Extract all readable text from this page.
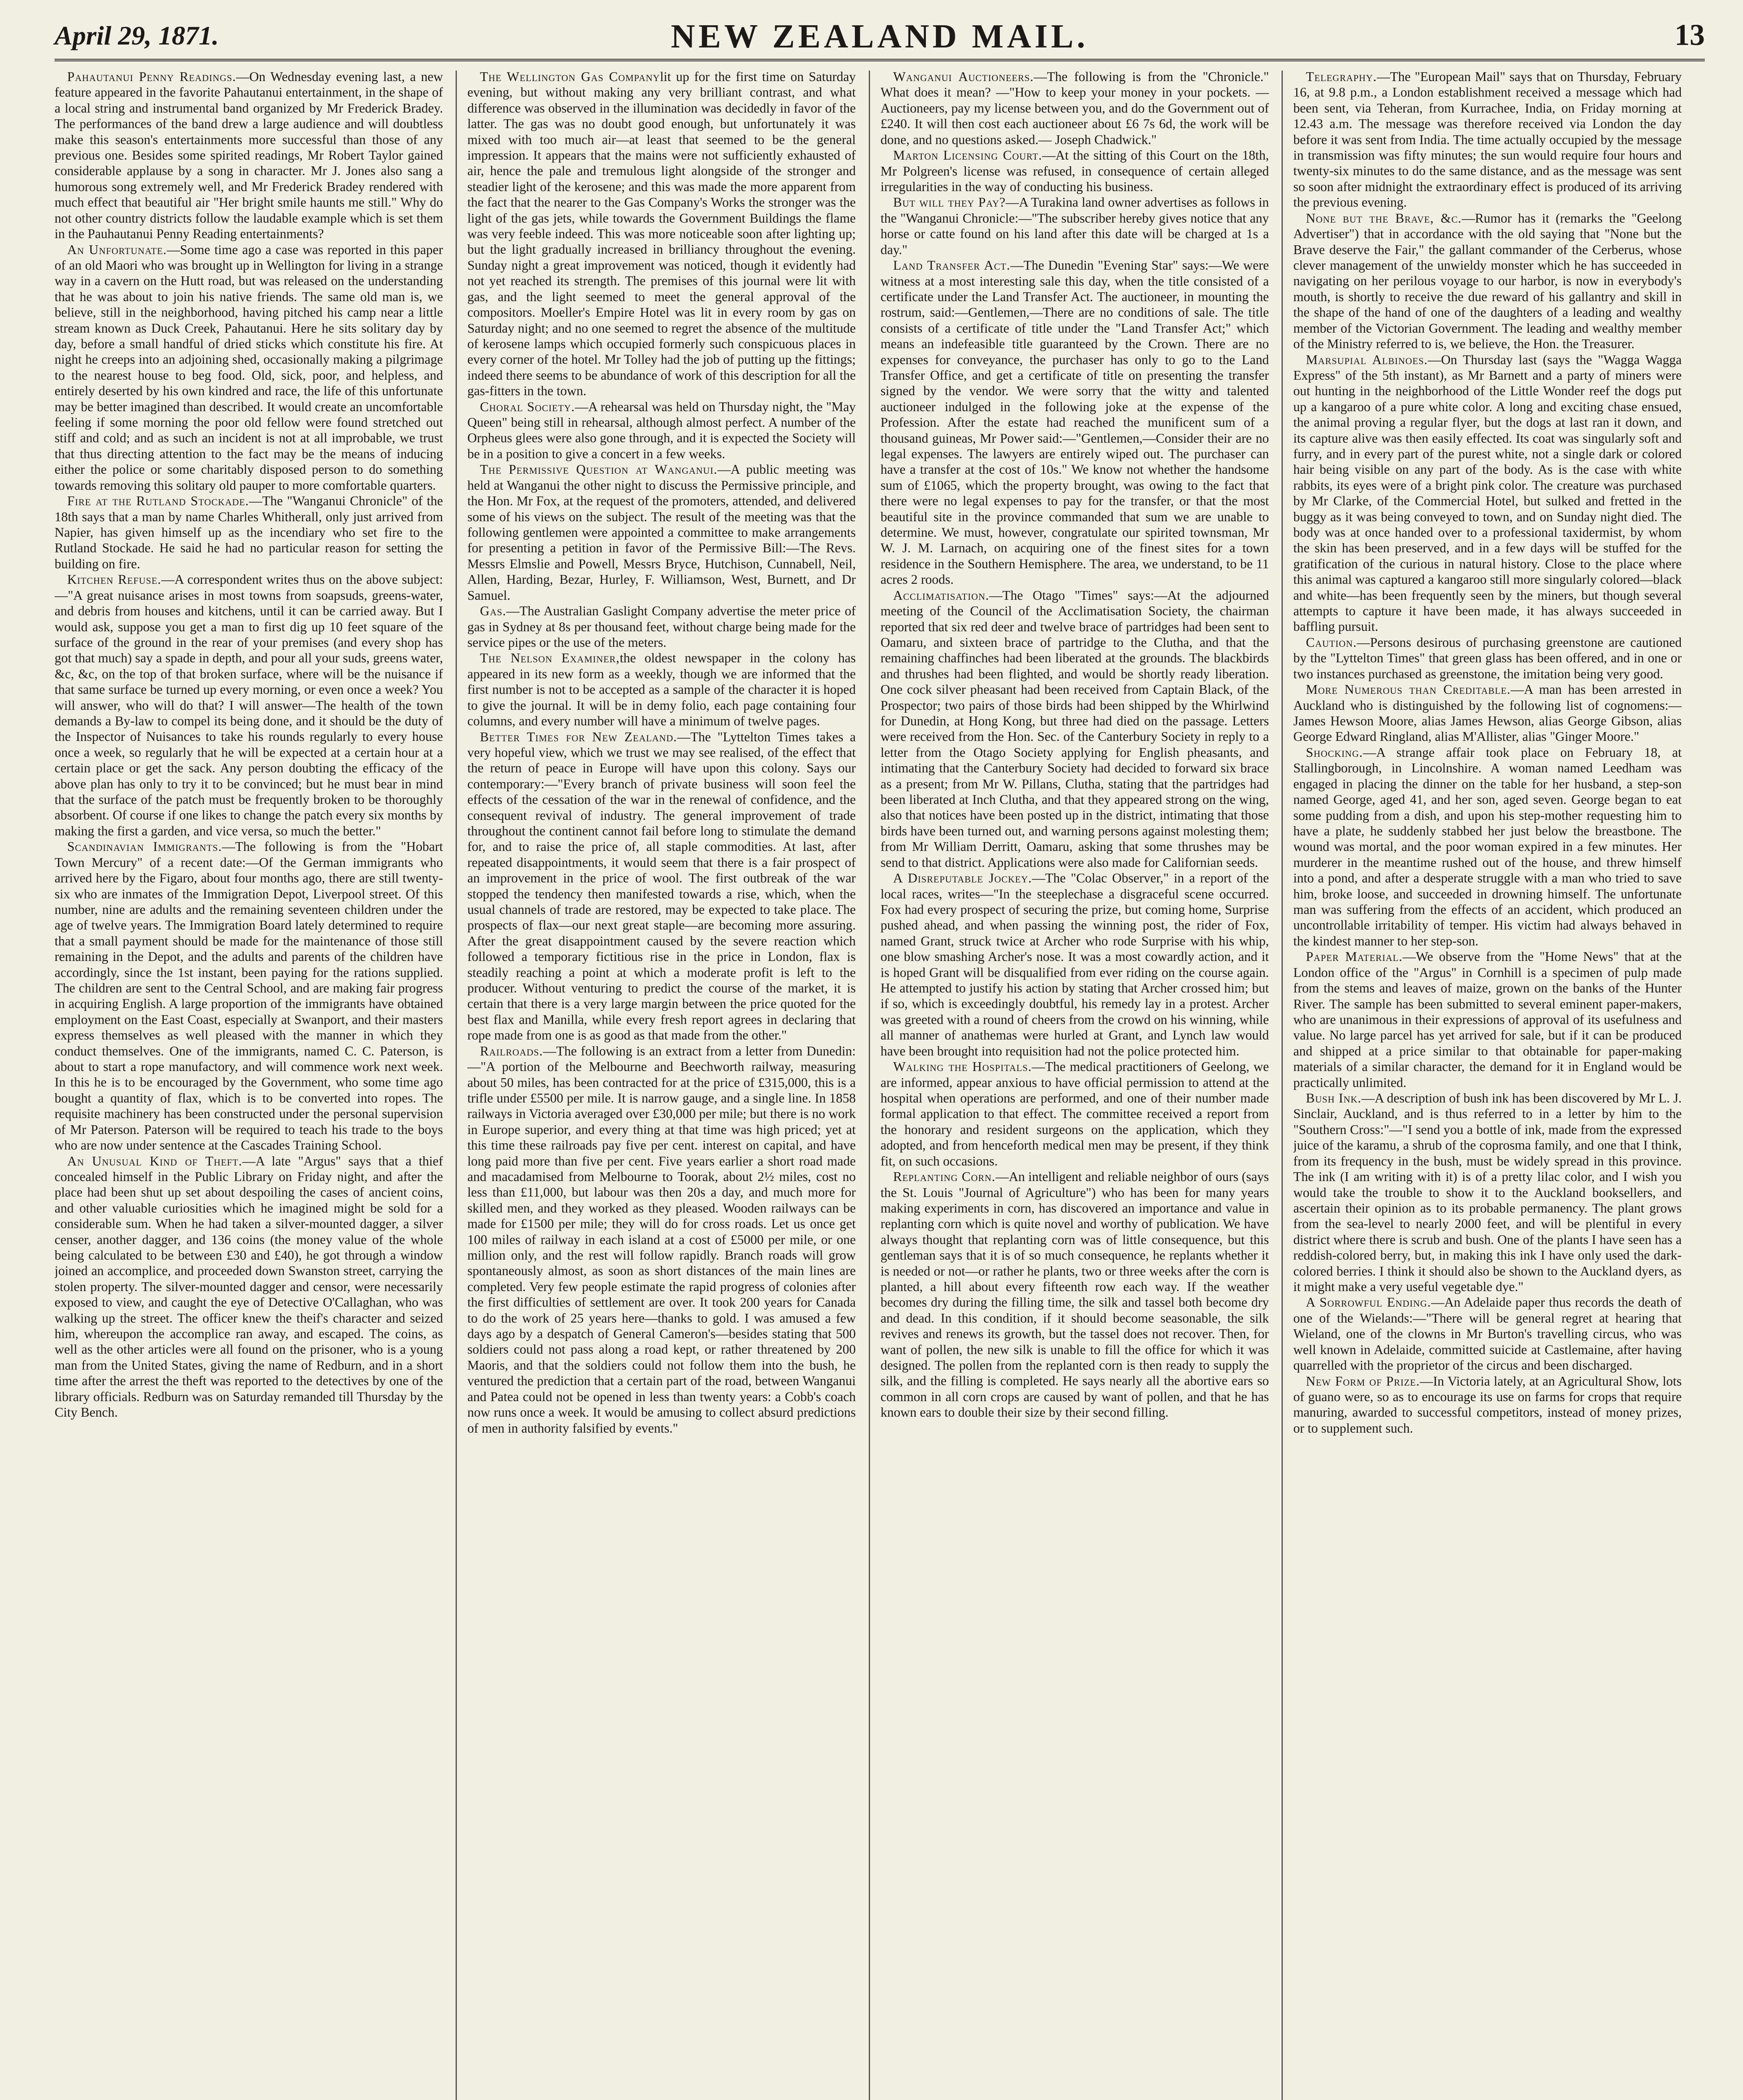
April 29, 1871.	NEW ZEALAND MAIL.	13

Pahautanui Penny Readings.—On Wednesday evening last, a new feature appeared in the favorite Pahautanui entertainment, in the shape of a local string and instrumental band organized by Mr Frederick Bradey. The performances of the band drew a large audience and will doubtless make this season's entertainments more successful than those of any previous one. Besides some spirited readings, Mr Robert Taylor gained considerable applause by a song in character. Mr J. Jones also sang a humorous song extremely well, and Mr Frederick Bradey rendered with much effect that beautiful air "Her bright smile haunts me still." Why do not other country districts follow the laudable example which is set them in the Pauhautanui Penny Reading entertainments?

An Unfortunate.—Some time ago a case was reported in this paper of an old Maori who was brought up in Wellington for living in a strange way in a cavern on the Hutt road, but was released on the understanding that he was about to join his native friends. The same old man is, we believe, still in the neighborhood, having pitched his camp near a little stream known as Duck Creek, Pahautanui. Here he sits solitary day by day, before a small handful of dried sticks which constitute his fire. At night he creeps into an adjoining shed, occasionally making a pilgrimage to the nearest house to beg food. Old, sick, poor, and helpless, and entirely deserted by his own kindred and race, the life of this unfortunate may be better imagined than described. It would create an uncomfortable feeling if some morning the poor old fellow were found stretched out stiff and cold; and as such an incident is not at all improbable, we trust that thus directing attention to the fact may be the means of inducing either the police or some charitably disposed person to do something towards removing this solitary old pauper to more comfortable quarters.

Fire at the Rutland Stockade.—The "Wanganui Chronicle" of the 18th says that a man by name Charles Whitherall, only just arrived from Napier, has given himself up as the incendiary who set fire to the Rutland Stockade. He said he had no particular reason for setting the building on fire.

Kitchen Refuse.—A correspondent writes thus on the above subject:—"A great nuisance arises in most towns from soapsuds, greens-water, and debris from houses and kitchens, until it can be carried away. But I would ask, suppose you get a man to first dig up 10 feet square of the surface of the ground in the rear of your premises (and every shop has got that much) say a spade in depth, and pour all your suds, greens water, &c, &c, on the top of that broken surface, where will be the nuisance if that same surface be turned up every morning, or even once a week? You will answer, who will do that? I will answer—The health of the town demands a By-law to compel its being done, and it should be the duty of the Inspector of Nuisances to take his rounds regularly to every house once a week, so regularly that he will be expected at a certain hour at a certain place or get the sack. Any person doubting the efficacy of the above plan has only to try it to be convinced; but he must bear in mind that the surface of the patch must be frequently broken to be thoroughly absorbent. Of course if one likes to change the patch every six months by making the first a garden, and vice versa, so much the better."

Scandinavian Immigrants.—The following is from the "Hobart Town Mercury" of a recent date:—Of the German immigrants who arrived here by the Figaro, about four months ago, there are still twenty-six who are inmates of the Immigration Depot, Liverpool street. Of this number, nine are adults and the remaining seventeen children under the age of twelve years. The Immigration Board lately determined to require that a small payment should be made for the maintenance of those still remaining in the Depot, and the adults and parents of the children have accordingly, since the 1st instant, been paying for the rations supplied. The children are sent to the Central School, and are making fair progress in acquiring English. A large proportion of the immigrants have obtained employment on the East Coast, especially at Swanport, and their masters express themselves as well pleased with the manner in which they conduct themselves. One of the immigrants, named C. C. Paterson, is about to start a rope manufactory, and will commence work next week. In this he is to be encouraged by the Government, who some time ago bought a quantity of flax, which is to be converted into ropes. The requisite machinery has been constructed under the personal supervision of Mr Paterson. Paterson will be required to teach his trade to the boys who are now under sentence at the Cascades Training School.

An Unusual Kind of Theft.—A late "Argus" says that a thief concealed himself in the Public Library on Friday night, and after the place had been shut up set about despoiling the cases of ancient coins, and other valuable curiosities which he imagined might be sold for a considerable sum. When he had taken a silver-mounted dagger, a silver censer, another dagger, and 136 coins (the money value of the whole being calculated to be between £30 and £40), he got through a window joined an accomplice, and proceeded down Swanston street, carrying the stolen property. The silver-mounted dagger and censor, were necessarily exposed to view, and caught the eye of Detective O'Callaghan, who was walking up the street. The officer knew the theif's character and seized him, whereupon the accomplice ran away, and escaped. The coins, as well as the other articles were all found on the prisoner, who is a young man from the United States, giving the name of Redburn, and in a short time after the arrest the theft was reported to the detectives by one of the library officials. Redburn was on Saturday remanded till Thursday by the City Bench.

The Wellington Gas Companylit up for the first time on Saturday evening, but without making any very brilliant contrast, and what difference was observed in the illumination was decidedly in favor of the latter. The gas was no doubt good enough, but unfortunately it was mixed with too much air—at least that seemed to be the general impression. It appears that the mains were not sufficiently exhausted of air, hence the pale and tremulous light alongside of the stronger and steadier light of the kerosene; and this was made the more apparent from the fact that the nearer to the Gas Company's Works the stronger was the light of the gas jets, while towards the Government Buildings the flame was very feeble indeed. This was more noticeable soon after lighting up; but the light gradually increased in brilliancy throughout the evening. Sunday night a great improvement was noticed, though it evidently had not yet reached its strength. The premises of this journal were lit with gas, and the light seemed to meet the general approval of the compositors. Moeller's Empire Hotel was lit in every room by gas on Saturday night; and no one seemed to regret the absence of the multitude of kerosene lamps which occupied formerly such conspicuous places in every corner of the hotel. Mr Tolley had the job of putting up the fittings; indeed there seems to be abundance of work of this description for all the gas-fitters in the town.

Choral Society.—A rehearsal was held on Thursday night, the "May Queen" being still in rehearsal, although almost perfect. A number of the Orpheus glees were also gone through, and it is expected the Society will be in a position to give a concert in a few weeks.

The Permissive Question at Wanganui.—A public meeting was held at Wanganui the other night to discuss the Permissive principle, and the Hon. Mr Fox, at the request of the promoters, attended, and delivered some of his views on the subject. The result of the meeting was that the following gentlemen were appointed a committee to make arrangements for presenting a petition in favor of the Permissive Bill:—The Revs. Messrs Elmslie and Powell, Messrs Bryce, Hutchison, Cunnabell, Neil, Allen, Harding, Bezar, Hurley, F. Williamson, West, Burnett, and Dr Samuel.

Gas.—The Australian Gaslight Company advertise the meter price of gas in Sydney at 8s per thousand feet, without charge being made for the service pipes or the use of the meters.

The Nelson Examiner,the oldest newspaper in the colony has appeared in its new form as a weekly, though we are informed that the first number is not to be accepted as a sample of the character it is hoped to give the journal. It will be in demy folio, each page containing four columns, and every number will have a minimum of twelve pages.

Better Times for New Zealand.—The "Lyttelton Times takes a very hopeful view, which we trust we may see realised, of the effect that the return of peace in Europe will have upon this colony. Says our contemporary:—"Every branch of private business will soon feel the effects of the cessation of the war in the renewal of confidence, and the consequent revival of industry. The general improvement of trade throughout the continent cannot fail before long to stimulate the demand for, and to raise the price of, all staple commodities. At last, after repeated disappointments, it would seem that there is a fair prospect of an improvement in the price of wool. The first outbreak of the war stopped the tendency then manifested towards a rise, which, when the usual channels of trade are restored, may be expected to take place. The prospects of flax—our next great staple—are becoming more assuring. After the great disappointment caused by the severe reaction which followed a temporary fictitious rise in the price in London, flax is steadily reaching a point at which a moderate profit is left to the producer. Without venturing to predict the course of the market, it is certain that there is a very large margin between the price quoted for the best flax and Manilla, while every fresh report agrees in declaring that rope made from one is as good as that made from the other."

Railroads.—The following is an extract from a letter from Dunedin:—"A portion of the Melbourne and Beechworth railway, measuring about 50 miles, has been contracted for at the price of £315,000, this is a trifle under £5500 per mile. It is narrow gauge, and a single line. In 1858 railways in Victoria averaged over £30,000 per mile; but there is no work in Europe superior, and every thing at that time was high priced; yet at this time these railroads pay five per cent. interest on capital, and have long paid more than five per cent. Five years earlier a short road made and macadamised from Melbourne to Toorak, about 2½ miles, cost no less than £11,000, but labour was then 20s a day, and much more for skilled men, and they worked as they pleased. Wooden railways can be made for £1500 per mile; they will do for cross roads. Let us once get 100 miles of railway in each island at a cost of £5000 per mile, or one million only, and the rest will follow rapidly. Branch roads will grow spontaneously almost, as soon as short distances of the main lines are completed. Very few people estimate the rapid progress of colonies after the first difficulties of settlement are over. It took 200 years for Canada to do the work of 25 years here—thanks to gold. I was amused a few days ago by a despatch of General Cameron's—besides stating that 500 soldiers could not pass along a road kept, or rather threatened by 200 Maoris, and that the soldiers could not follow them into the bush, he ventured the prediction that a certain part of the road, between Wanganui and Patea could not be opened in less than twenty years: a Cobb's coach now runs once a week. It would be amusing to collect absurd predictions of men in authority falsified by events."

Wanganui Auctioneers.—The following is from the "Chronicle." What does it mean? —"How to keep your money in your pockets. —Auctioneers, pay my license between you, and do the Government out of £240. It will then cost each auctioneer about £6 7s 6d, the work will be done, and no questions asked.— Joseph Chadwick."

Marton Licensing Court.—At the sitting of this Court on the 18th, Mr Polgreen's license was refused, in consequence of certain alleged irregularities in the way of conducting his business.

But will they Pay?—A Turakina land owner advertises as follows in the "Wanganui Chronicle:—"The subscriber hereby gives notice that any horse or catte found on his land after this date will be charged at 1s a day."

Land Transfer Act.—The Dunedin "Evening Star" says:—We were witness at a most interesting sale this day, when the title consisted of a certificate under the Land Transfer Act. The auctioneer, in mounting the rostrum, said:—Gentlemen,—There are no conditions of sale. The title consists of a certificate of title under the "Land Transfer Act;" which means an indefeasible title guaranteed by the Crown. There are no expenses for conveyance, the purchaser has only to go to the Land Transfer Office, and get a certificate of title on presenting the transfer signed by the vendor. We were sorry that the witty and talented auctioneer indulged in the following joke at the expense of the Profession. After the estate had reached the munificent sum of a thousand guineas, Mr Power said:—"Gentlemen,—Consider their are no legal expenses. The lawyers are entirely wiped out. The purchaser can have a transfer at the cost of 10s." We know not whether the handsome sum of £1065, which the property brought, was owing to the fact that there were no legal expenses to pay for the transfer, or that the most beautiful site in the province commanded that sum we are unable to determine. We must, however, congratulate our spirited townsman, Mr W. J. M. Larnach, on acquiring one of the finest sites for a town residence in the Southern Hemisphere. The area, we understand, to be 11 acres 2 roods.

Acclimatisation.—The Otago "Times" says:—At the adjourned meeting of the Council of the Acclimatisation Society, the chairman reported that six red deer and twelve brace of partridges had been sent to Oamaru, and sixteen brace of partridge to the Clutha, and that the remaining chaffinches had been liberated at the grounds. The blackbirds and thrushes had been flighted, and would be shortly ready liberation. One cock silver pheasant had been received from Captain Black, of the Prospector; two pairs of those birds had been shipped by the Whirlwind for Dunedin, at Hong Kong, but three had died on the passage. Letters were received from the Hon. Sec. of the Canterbury Society in reply to a letter from the Otago Society applying for English pheasants, and intimating that the Canterbury Society had decided to forward six brace as a present; from Mr W. Pillans, Clutha, stating that the partridges had been liberated at Inch Clutha, and that they appeared strong on the wing, also that notices have been posted up in the district, intimating that those birds have been turned out, and warning persons against molesting them; from Mr William Derritt, Oamaru, asking that some thrushes may be send to that district. Applications were also made for Californian seeds.

A Disreputable Jockey.—The "Colac Observer," in a report of the local races, writes—"In the steeplechase a disgraceful scene occurred. Fox had every prospect of securing the prize, but coming home, Surprise pushed ahead, and when passing the winning post, the rider of Fox, named Grant, struck twice at Archer who rode Surprise with his whip, one blow smashing Archer's nose. It was a most cowardly action, and it is hoped Grant will be disqualified from ever riding on the course again. He attempted to justify his action by stating that Archer crossed him; but if so, which is exceedingly doubtful, his remedy lay in a protest. Archer was greeted with a round of cheers from the crowd on his winning, while all manner of anathemas were hurled at Grant, and Lynch law would have been brought into requisition had not the police protected him.

Walking the Hospitals.—The medical practitioners of Geelong, we are informed, appear anxious to have official permission to attend at the hospital when operations are performed, and one of their number made formal application to that effect. The committee received a report from the honorary and resident surgeons on the application, which they adopted, and from henceforth medical men may be present, if they think fit, on such occasions.

Replanting Corn.—An intelligent and reliable neighbor of ours (says the St. Louis "Journal of Agriculture") who has been for many years making experiments in corn, has discovered an importance and value in replanting corn which is quite novel and worthy of publication. We have always thought that replanting corn was of little consequence, but this gentleman says that it is of so much consequence, he replants whether it is needed or not—or rather he plants, two or three weeks after the corn is planted, a hill about every fifteenth row each way. If the weather becomes dry during the filling time, the silk and tassel both become dry and dead. In this condition, if it should become seasonable, the silk revives and renews its growth, but the tassel does not recover. Then, for want of pollen, the new silk is unable to fill the office for which it was designed. The pollen from the replanted corn is then ready to supply the silk, and the filling is completed. He says nearly all the abortive ears so common in all corn crops are caused by want of pollen, and that he has known ears to double their size by their second filling.

Telegraphy.—The "European Mail" says that on Thursday, February 16, at 9.8 p.m., a London establishment received a message which had been sent, via Teheran, from Kurrachee, India, on Friday morning at 12.43 a.m. The message was therefore received via London the day before it was sent from India. The time actually occupied by the message in transmission was fifty minutes; the sun would require four hours and twenty-six minutes to do the same distance, and as the message was sent so soon after midnight the extraordinary effect is produced of its arriving the previous evening.

None but the Brave, &c.—Rumor has it (remarks the "Geelong Advertiser") that in accordance with the old saying that "None but the Brave deserve the Fair," the gallant commander of the Cerberus, whose clever management of the unwieldy monster which he has succeeded in navigating on her perilous voyage to our harbor, is now in everybody's mouth, is shortly to receive the due reward of his gallantry and skill in the shape of the hand of one of the daughters of a leading and wealthy member of the Victorian Government. The leading and wealthy member of the Ministry referred to is, we believe, the Hon. the Treasurer.

Marsupial Albinoes.—On Thursday last (says the "Wagga Wagga Express" of the 5th instant), as Mr Barnett and a party of miners were out hunting in the neighborhood of the Little Wonder reef the dogs put up a kangaroo of a pure white color. A long and exciting chase ensued, the animal proving a regular flyer, but the dogs at last ran it down, and its capture alive was then easily effected. Its coat was singularly soft and furry, and in every part of the purest white, not a single dark or colored hair being visible on any part of the body. As is the case with white rabbits, its eyes were of a bright pink color. The creature was purchased by Mr Clarke, of the Commercial Hotel, but sulked and fretted in the buggy as it was being conveyed to town, and on Sunday night died. The body was at once handed over to a professional taxidermist, by whom the skin has been preserved, and in a few days will be stuffed for the gratification of the curious in natural history. Close to the place where this animal was captured a kangaroo still more singularly colored—black and white—has been frequently seen by the miners, but though several attempts to capture it have been made, it has always succeeded in baffling pursuit.

Caution.—Persons desirous of purchasing greenstone are cautioned by the "Lyttelton Times" that green glass has been offered, and in one or two instances purchased as greenstone, the imitation being very good.

More Numerous than Creditable.—A man has been arrested in Auckland who is distinguished by the following list of cognomens:—James Hewson Moore, alias James Hewson, alias George Gibson, alias George Edward Ringland, alias M'Allister, alias "Ginger Moore."

Shocking.—A strange affair took place on February 18, at Stallingborough, in Lincolnshire. A woman named Leedham was engaged in placing the dinner on the table for her husband, a step-son named George, aged 41, and her son, aged seven. George began to eat some pudding from a dish, and upon his step-mother requesting him to have a plate, he suddenly stabbed her just below the breastbone. The wound was mortal, and the poor woman expired in a few minutes. Her murderer in the meantime rushed out of the house, and threw himself into a pond, and after a desperate struggle with a man who tried to save him, broke loose, and succeeded in drowning himself. The unfortunate man was suffering from the effects of an accident, which produced an uncontrollable irritability of temper. His victim had always behaved in the kindest manner to her step-son.

Paper Material.—We observe from the "Home News" that at the London office of the "Argus" in Cornhill is a specimen of pulp made from the stems and leaves of maize, grown on the banks of the Hunter River. The sample has been submitted to several eminent paper-makers, who are unanimous in their expressions of approval of its usefulness and value. No large parcel has yet arrived for sale, but if it can be produced and shipped at a price similar to that obtainable for paper-making materials of a similar character, the demand for it in England would be practically unlimited.

Bush Ink.—A description of bush ink has been discovered by Mr L. J. Sinclair, Auckland, and is thus referred to in a letter by him to the "Southern Cross:"—"I send you a bottle of ink, made from the expressed juice of the karamu, a shrub of the coprosma family, and one that I think, from its frequency in the bush, must be widely spread in this province. The ink (I am writing with it) is of a pretty lilac color, and I wish you would take the trouble to show it to the Auckland booksellers, and ascertain their opinion as to its probable permanency. The plant grows from the sea-level to nearly 2000 feet, and will be plentiful in every district where there is scrub and bush. One of the plants I have seen has a reddish-colored berry, but, in making this ink I have only used the dark-colored berries. I think it should also be shown to the Auckland dyers, as it might make a very useful vegetable dye."

A Sorrowful Ending.—An Adelaide paper thus records the death of one of the Wielands:—"There will be general regret at hearing that Wieland, one of the clowns in Mr Burton's travelling circus, who was well known in Adelaide, committed suicide at Castlemaine, after having quarrelled with the proprietor of the circus and been discharged.

New Form of Prize.—In Victoria lately, at an Agricultural Show, lots of guano were, so as to encourage its use on farms for crops that require manuring, awarded to successful competitors, instead of money prizes, or to supplement such.
